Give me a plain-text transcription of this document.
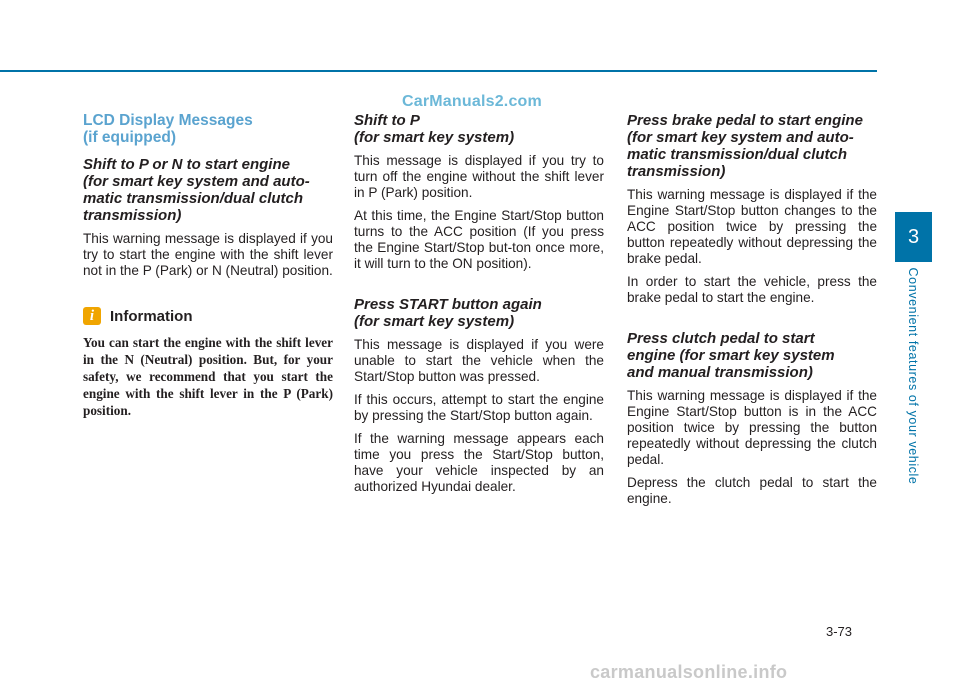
CarManuals2.com
LCD Display Messages
(if equipped)
Shift to P or N to start engine
(for smart key system and auto-
matic transmission/dual clutch
transmission)

This warning message is displayed if you try to start the engine with the shift lever not in the P (Park) or N (Neutral) position.

i	Information

You can start the engine with the shift lever in the N (Neutral) position. But, for your safety, we recommend that you start the engine with the shift lever in the P (Park) position.

Shift to P
(for smart key system)

This message is displayed if you try to turn off the engine without the shift lever in P (Park) position.

At this time, the Engine Start/Stop button turns to the ACC position (If you press the Engine Start/Stop but-ton once more, it will turn to the ON position).

Press START button again
(for smart key system)

This message is displayed if you were unable to start the vehicle when the Start/Stop button was pressed.

If this occurs, attempt to start the engine by pressing the Start/Stop button again.

If the warning message appears each time you press the Start/Stop button, have your vehicle inspected by an authorized Hyundai dealer.

Press brake pedal to start engine
(for smart key system and auto-
matic transmission/dual clutch
transmission)

This warning message is displayed if the Engine Start/Stop button changes to the ACC position twice by pressing the button repeatedly without depressing the brake pedal.

In order to start the vehicle, press the brake pedal to start the engine.

Press clutch pedal to start
engine (for smart key system
and manual transmission)

This warning message is displayed if the Engine Start/Stop button is in the ACC position twice by pressing the button repeatedly without depressing the clutch pedal.

Depress the clutch pedal to start the engine.

3
Convenient features of your vehicle
3-73
carmanualsonline.info
